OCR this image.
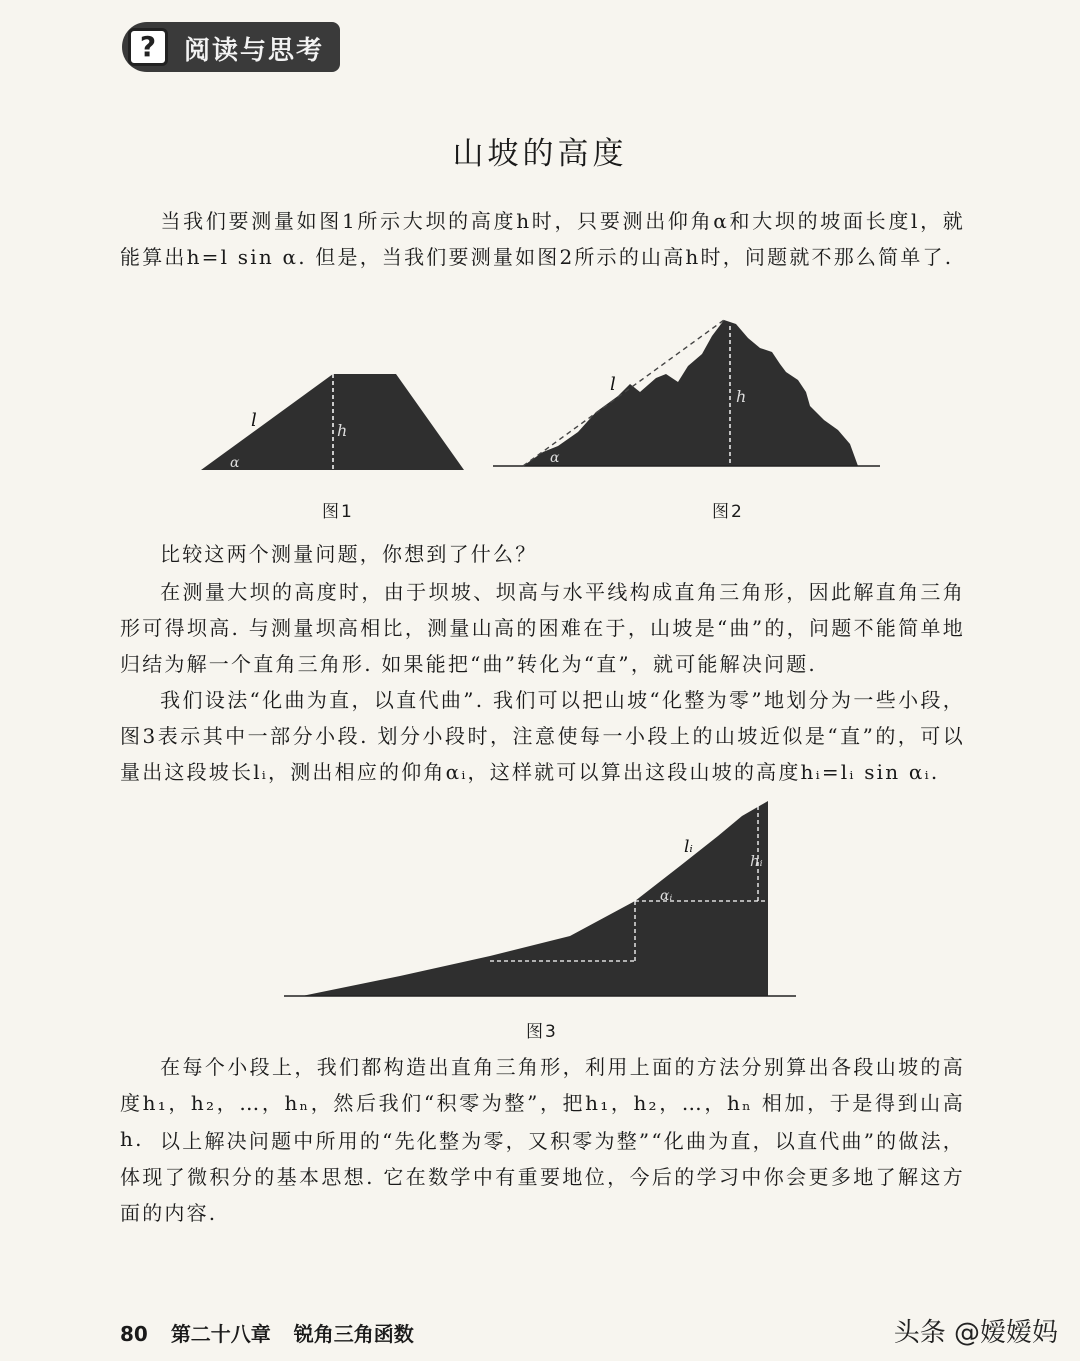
?	阅读与思考
山坡的高度
当我们要测量如图1所示大坝的高度h时，只要测出仰角α和大坝的坡面长度l，就能算出h=l sin α. 但是，当我们要测量如图2所示的山高h时，问题就不那么简单了.
l	h
α
图1
l
h
α
图2
比较这两个测量问题，你想到了什么？
在测量大坝的高度时，由于坝坡、坝高与水平线构成直角三角形，因此解直角三角形可得坝高. 与测量坝高相比，测量山高的困难在于，山坡是“曲”的，问题不能简单地归结为解一个直角三角形. 如果能把“曲”转化为“直”，就可能解决问题.
我们设法“化曲为直，以直代曲”. 我们可以把山坡“化整为零”地划分为一些小段，图3表示其中一部分小段. 划分小段时，注意使每一小段上的山坡近似是“直”的，可以量出这段坡长lᵢ，测出相应的仰角αᵢ，这样就可以算出这段山坡的高度hᵢ=lᵢ sin αᵢ.
lᵢ
hᵢ
αᵢ
图3
在每个小段上，我们都构造出直角三角形，利用上面的方法分别算出各段山坡的高度h₁，h₂，…，hₙ，然后我们“积零为整”，把h₁，h₂，…，hₙ 相加，于是得到山高h. 以上解决问题中所用的“先化整为零，又积零为整”“化曲为直，以直代曲”的做法，体现了微积分的基本思想. 它在数学中有重要地位，今后的学习中你会更多地了解这方面的内容.
80 第二十八章 锐角三角函数	头条 @嫒嫒妈
